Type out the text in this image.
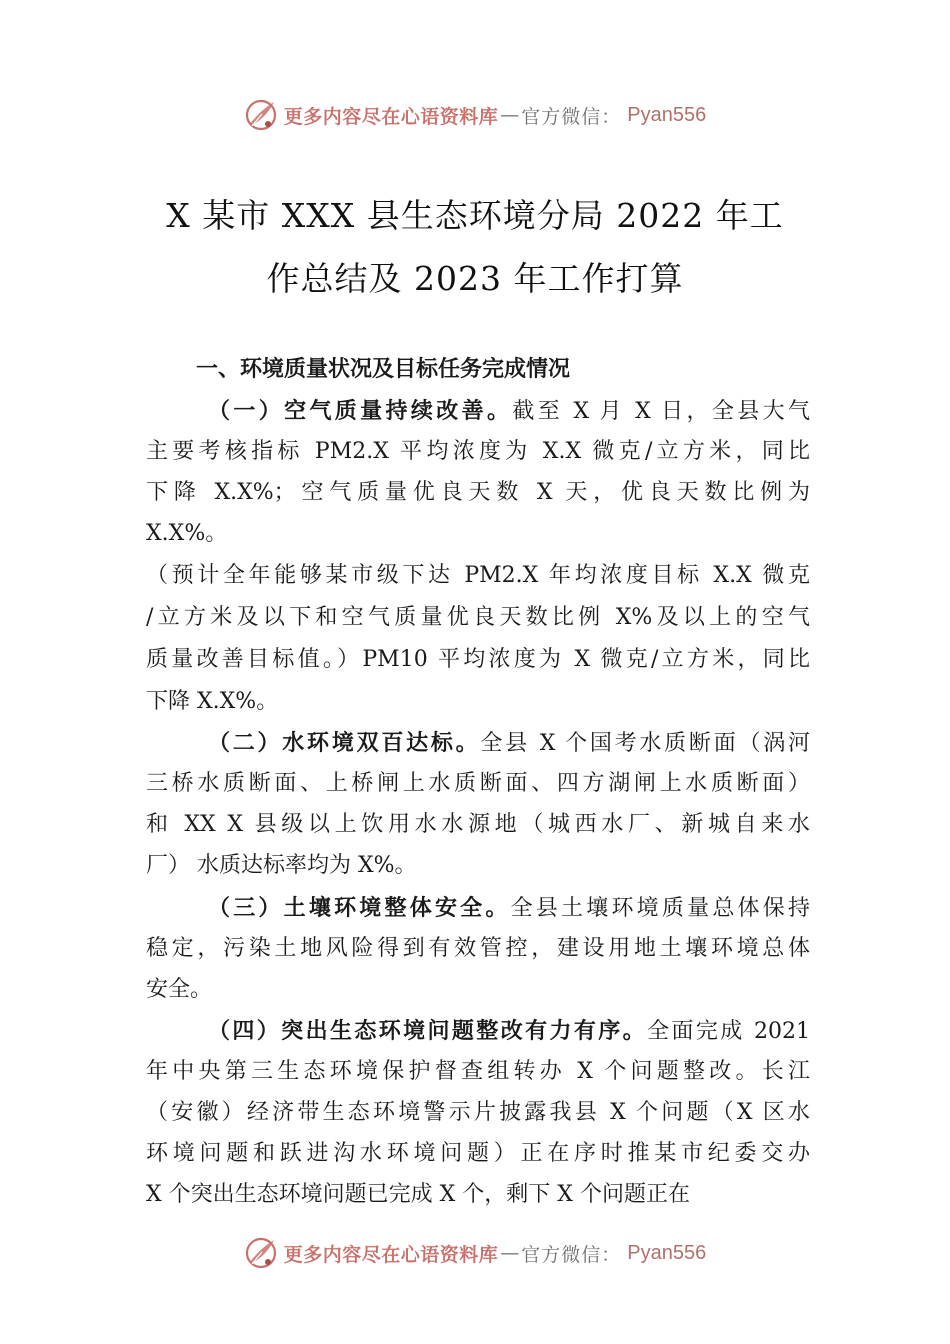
更多内容尽在心语资料库 — 官方微信： Pyan556
X 某市 XXX 县生态环境分局 2022 年工
作总结及 2023 年工作打算
一、环境质量状况及目标任务完成情况
（一）空气质量持续改善。截至 X 月 X 日，全县大气
主要考核指标 PM2.X 平均浓度为 X.X 微克/立方米，同比
下降 X.X%；空气质量优良天数 X 天，优良天数比例为
X.X%。
（预计全年能够某市级下达 PM2.X 年均浓度目标 X.X 微克
/立方米及以下和空气质量优良天数比例 X%及以上的空气
质量改善目标值。）PM10 平均浓度为 X 微克/立方米，同比
下降 X.X%。
（二）水环境双百达标。全县 X 个国考水质断面（涡河
三桥水质断面、上桥闸上水质断面、四方湖闸上水质断面）
和 XX X 县级以上饮用水水源地（城西水厂、新城自来水
厂） 水质达标率均为 X%。
（三）土壤环境整体安全。全县土壤环境质量总体保持
稳定，污染土地风险得到有效管控，建设用地土壤环境总体
安全。
（四）突出生态环境问题整改有力有序。全面完成 2021
年中央第三生态环境保护督查组转办 X 个问题整改。长江
（安徽）经济带生态环境警示片披露我县 X 个问题（X 区水
环境问题和跃进沟水环境问题）正在序时推某市纪委交办
X 个突出生态环境问题已完成 X 个，剩下 X 个问题正在
更多内容尽在心语资料库 — 官方微信： Pyan556
